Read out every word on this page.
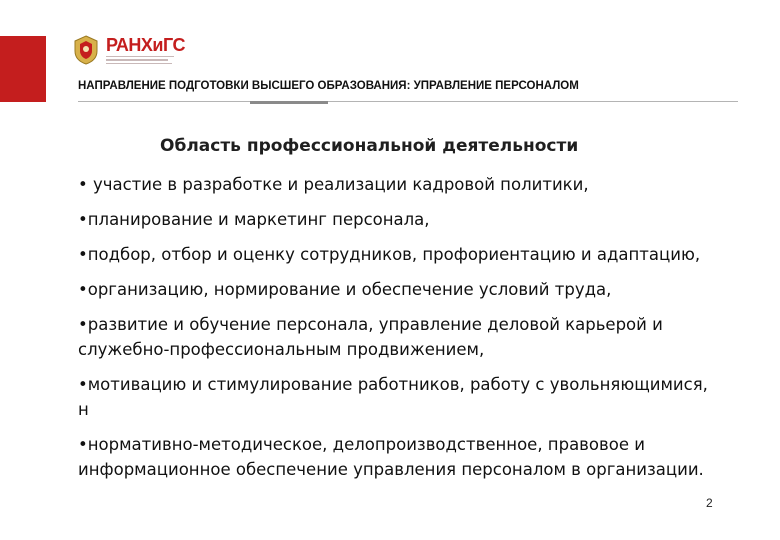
РАНХиГС
НАПРАВЛЕНИЕ ПОДГОТОВКИ ВЫСШЕГО ОБРАЗОВАНИЯ: УПРАВЛЕНИЕ ПЕРСОНАЛОМ
Область профессиональной деятельности

• участие в разработке и реализации кадровой политики,

•планирование и маркетинг персонала,

•подбор, отбор и оценку сотрудников, профориентацию и адаптацию,

•организацию, нормирование и обеспечение условий труда,

•развитие и обучение персонала, управление деловой карьерой и служебно-профессиональным продвижением,

•мотивацию и стимулирование работников, работу с увольняющимися, н

•нормативно-методическое, делопроизводственное, правовое и информационное обеспечение управления персоналом в организации.

2
